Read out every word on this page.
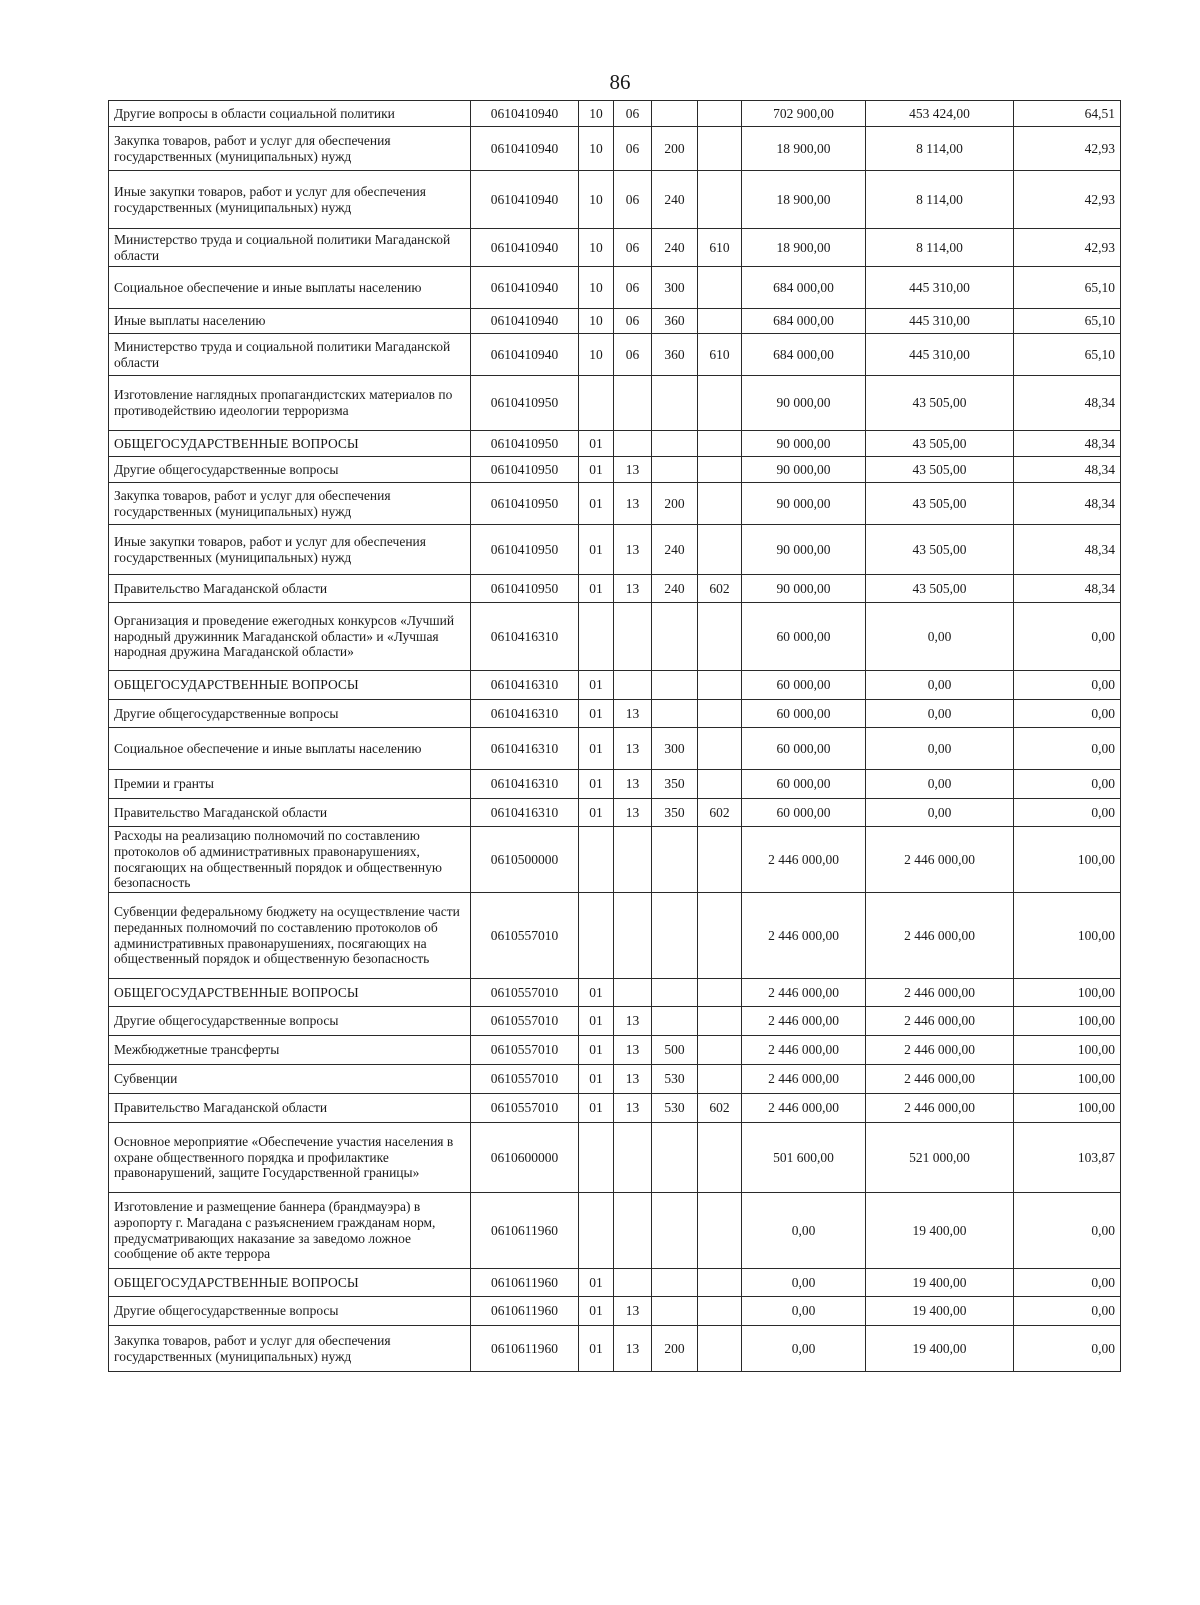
86
Другие вопросы в области социальной политики	0610410940	10	06			702 900,00	453 424,00	64,51
Закупка товаров, работ и услуг для обеспечения государственных (муниципальных) нужд	0610410940	10	06	200		18 900,00	8 114,00	42,93
Иные закупки товаров, работ и услуг для обеспечения государственных (муниципальных) нужд	0610410940	10	06	240		18 900,00	8 114,00	42,93
Министерство труда и социальной политики Магаданской области	0610410940	10	06	240	610	18 900,00	8 114,00	42,93
Социальное обеспечение и иные выплаты населению	0610410940	10	06	300		684 000,00	445 310,00	65,10
Иные выплаты населению	0610410940	10	06	360		684 000,00	445 310,00	65,10
Министерство труда и социальной политики Магаданской области	0610410940	10	06	360	610	684 000,00	445 310,00	65,10
Изготовление наглядных пропагандистских материалов по противодействию идеологии терроризма	0610410950					90 000,00	43 505,00	48,34
ОБЩЕГОСУДАРСТВЕННЫЕ ВОПРОСЫ	0610410950	01				90 000,00	43 505,00	48,34
Другие общегосударственные вопросы	0610410950	01	13			90 000,00	43 505,00	48,34
Закупка товаров, работ и услуг для обеспечения государственных (муниципальных) нужд	0610410950	01	13	200		90 000,00	43 505,00	48,34
Иные закупки товаров, работ и услуг для обеспечения государственных (муниципальных) нужд	0610410950	01	13	240		90 000,00	43 505,00	48,34
Правительство Магаданской области	0610410950	01	13	240	602	90 000,00	43 505,00	48,34
Организация и проведение ежегодных конкурсов «Лучший народный дружинник Магаданской области» и «Лучшая народная дружина Магаданской области»	0610416310					60 000,00	0,00	0,00
ОБЩЕГОСУДАРСТВЕННЫЕ ВОПРОСЫ	0610416310	01				60 000,00	0,00	0,00
Другие общегосударственные вопросы	0610416310	01	13			60 000,00	0,00	0,00
Социальное обеспечение и иные выплаты населению	0610416310	01	13	300		60 000,00	0,00	0,00
Премии и гранты	0610416310	01	13	350		60 000,00	0,00	0,00
Правительство Магаданской области	0610416310	01	13	350	602	60 000,00	0,00	0,00
Расходы на реализацию полномочий по составлению протоколов об административных правонарушениях, посягающих на общественный порядок и общественную безопасность	0610500000					2 446 000,00	2 446 000,00	100,00
Субвенции федеральному бюджету на осуществление части переданных полномочий по составлению протоколов об административных правонарушениях, посягающих на общественный порядок и общественную безопасность	0610557010					2 446 000,00	2 446 000,00	100,00
ОБЩЕГОСУДАРСТВЕННЫЕ ВОПРОСЫ	0610557010	01				2 446 000,00	2 446 000,00	100,00
Другие общегосударственные вопросы	0610557010	01	13			2 446 000,00	2 446 000,00	100,00
Межбюджетные трансферты	0610557010	01	13	500		2 446 000,00	2 446 000,00	100,00
Субвенции	0610557010	01	13	530		2 446 000,00	2 446 000,00	100,00
Правительство Магаданской области	0610557010	01	13	530	602	2 446 000,00	2 446 000,00	100,00
Основное мероприятие «Обеспечение участия населения в охране общественного порядка и профилактике правонарушений, защите Государственной границы»	0610600000					501 600,00	521 000,00	103,87
Изготовление и размещение баннера (брандмауэра) в аэропорту г. Магадана с разъяснением гражданам норм, предусматривающих наказание за заведомо ложное сообщение об акте террора	0610611960					0,00	19 400,00	0,00
ОБЩЕГОСУДАРСТВЕННЫЕ ВОПРОСЫ	0610611960	01				0,00	19 400,00	0,00
Другие общегосударственные вопросы	0610611960	01	13			0,00	19 400,00	0,00
Закупка товаров, работ и услуг для обеспечения государственных (муниципальных) нужд	0610611960	01	13	200		0,00	19 400,00	0,00
